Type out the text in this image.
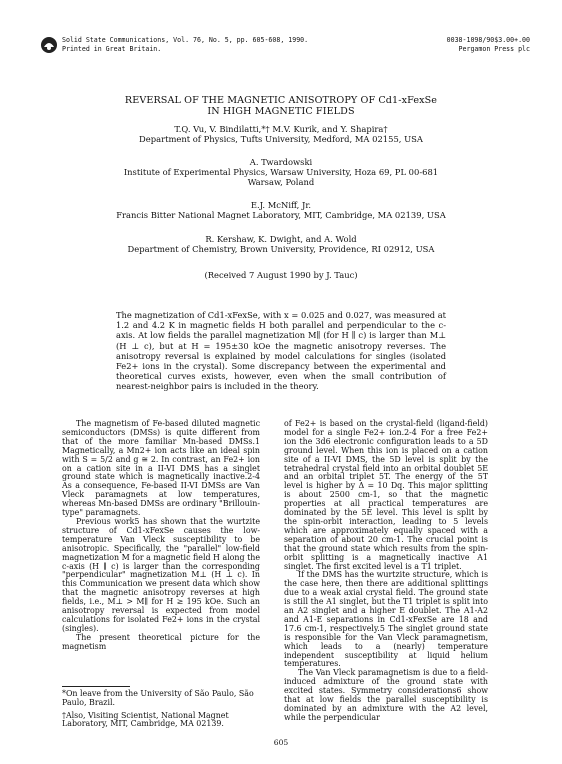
Solid State Communications, Vol. 76, No. 5, pp. 605-608, 1990.
Printed in Great Britain.
0038-1098/90$3.00+.00
Pergamon Press plc
REVERSAL OF THE MAGNETIC ANISOTROPY OF Cd1-xFexSe
IN HIGH MAGNETIC FIELDS
T.Q. Vu, V. Bindilatti,*† M.V. Kurik, and Y. Shapira†
Department of Physics, Tufts University, Medford, MA 02155, USA
A. Twardowski
Institute of Experimental Physics, Warsaw University, Hoza 69, PL 00-681 Warsaw, Poland
E.J. McNiff, Jr.
Francis Bitter National Magnet Laboratory, MIT, Cambridge, MA 02139, USA
R. Kershaw, K. Dwight, and A. Wold
Department of Chemistry, Brown University, Providence, RI 02912, USA
(Received 7 August 1990 by J. Tauc)
The magnetization of Cd1-xFexSe, with x = 0.025 and 0.027, was measured at 1.2 and 4.2 K in magnetic fields H both parallel and perpendicular to the c-axis. At low fields the parallel magnetization M∥ (for H ∥ c) is larger than M⊥ (H ⊥ c), but at H = 195±30 kOe the magnetic anisotropy reverses. The anisotropy reversal is explained by model calculations for singles (isolated Fe2+ ions in the crystal). Some discrepancy between the experimental and theoretical curves exists, however, even when the small contribution of nearest-neighbor pairs is included in the theory.

The magnetism of Fe-based diluted magnetic semiconductors (DMSs) is quite different from that of the more familiar Mn-based DMSs.1 Magnetically, a Mn2+ ion acts like an ideal spin with S = 5/2 and g ≅ 2. In contrast, an Fe2+ ion on a cation site in a II-VI DMS has a singlet ground state which is magnetically inactive.2-4 As a consequence, Fe-based II-VI DMSs are Van Vleck paramagnets at low temperatures, whereas Mn-based DMSs are ordinary "Brillouin-type" paramagnets.

Previous work5 has shown that the wurtzite structure of Cd1-xFexSe causes the low-temperature Van Vleck susceptibility to be anisotropic. Specifically, the "parallel" low-field magnetization M for a magnetic field H along the c-axis (H ∥ c) is larger than the corresponding "perpendicular" magnetization M⊥ (H ⊥ c). In this Communication we present data which show that the magnetic anisotropy reverses at high fields, i.e., M⊥ > M∥ for H ≥ 195 kOe. Such an anisotropy reversal is expected from model calculations for isolated Fe2+ ions in the crystal (singles).

The present theoretical picture for the magnetism

of Fe2+ is based on the crystal-field (ligand-field) model for a single Fe2+ ion.2-4 For a free Fe2+ ion the 3d6 electronic configuration leads to a 5D ground level. When this ion is placed on a cation site of a II-VI DMS, the 5D level is split by the tetrahedral crystal field into an orbital doublet 5E and an orbital triplet 5T. The energy of the 5T level is higher by Δ = 10 Dq. This major splitting is about 2500 cm-1, so that the magnetic properties at all practical temperatures are dominated by the 5E level. This level is split by the spin-orbit interaction, leading to 5 levels which are approximately equally spaced with a separation of about 20 cm-1. The crucial point is that the ground state which results from the spin-orbit splitting is a magnetically inactive A1 singlet. The first excited level is a T1 triplet.

If the DMS has the wurtzite structure, which is the case here, then there are additional splittings due to a weak axial crystal field. The ground state is still the A1 singlet, but the T1 triplet is split into an A2 singlet and a higher E doublet. The A1-A2 and A1-E separations in Cd1-xFexSe are 18 and 17.6 cm-1, respectively.5 The singlet ground state is responsible for the Van Vleck paramagnetism, which leads to a (nearly) temperature independent susceptibility at liquid helium temperatures.

The Van Vleck paramagnetism is due to a field-induced admixture of the ground state with excited states. Symmetry considerations6 show that at low fields the parallel susceptibility is dominated by an admixture with the A2 level, while the perpendicular

*On leave from the University of São Paulo, São Paulo, Brazil.

†Also, Visiting Scientist, National Magnet Laboratory, MIT, Cambridge, MA 02139.

605
